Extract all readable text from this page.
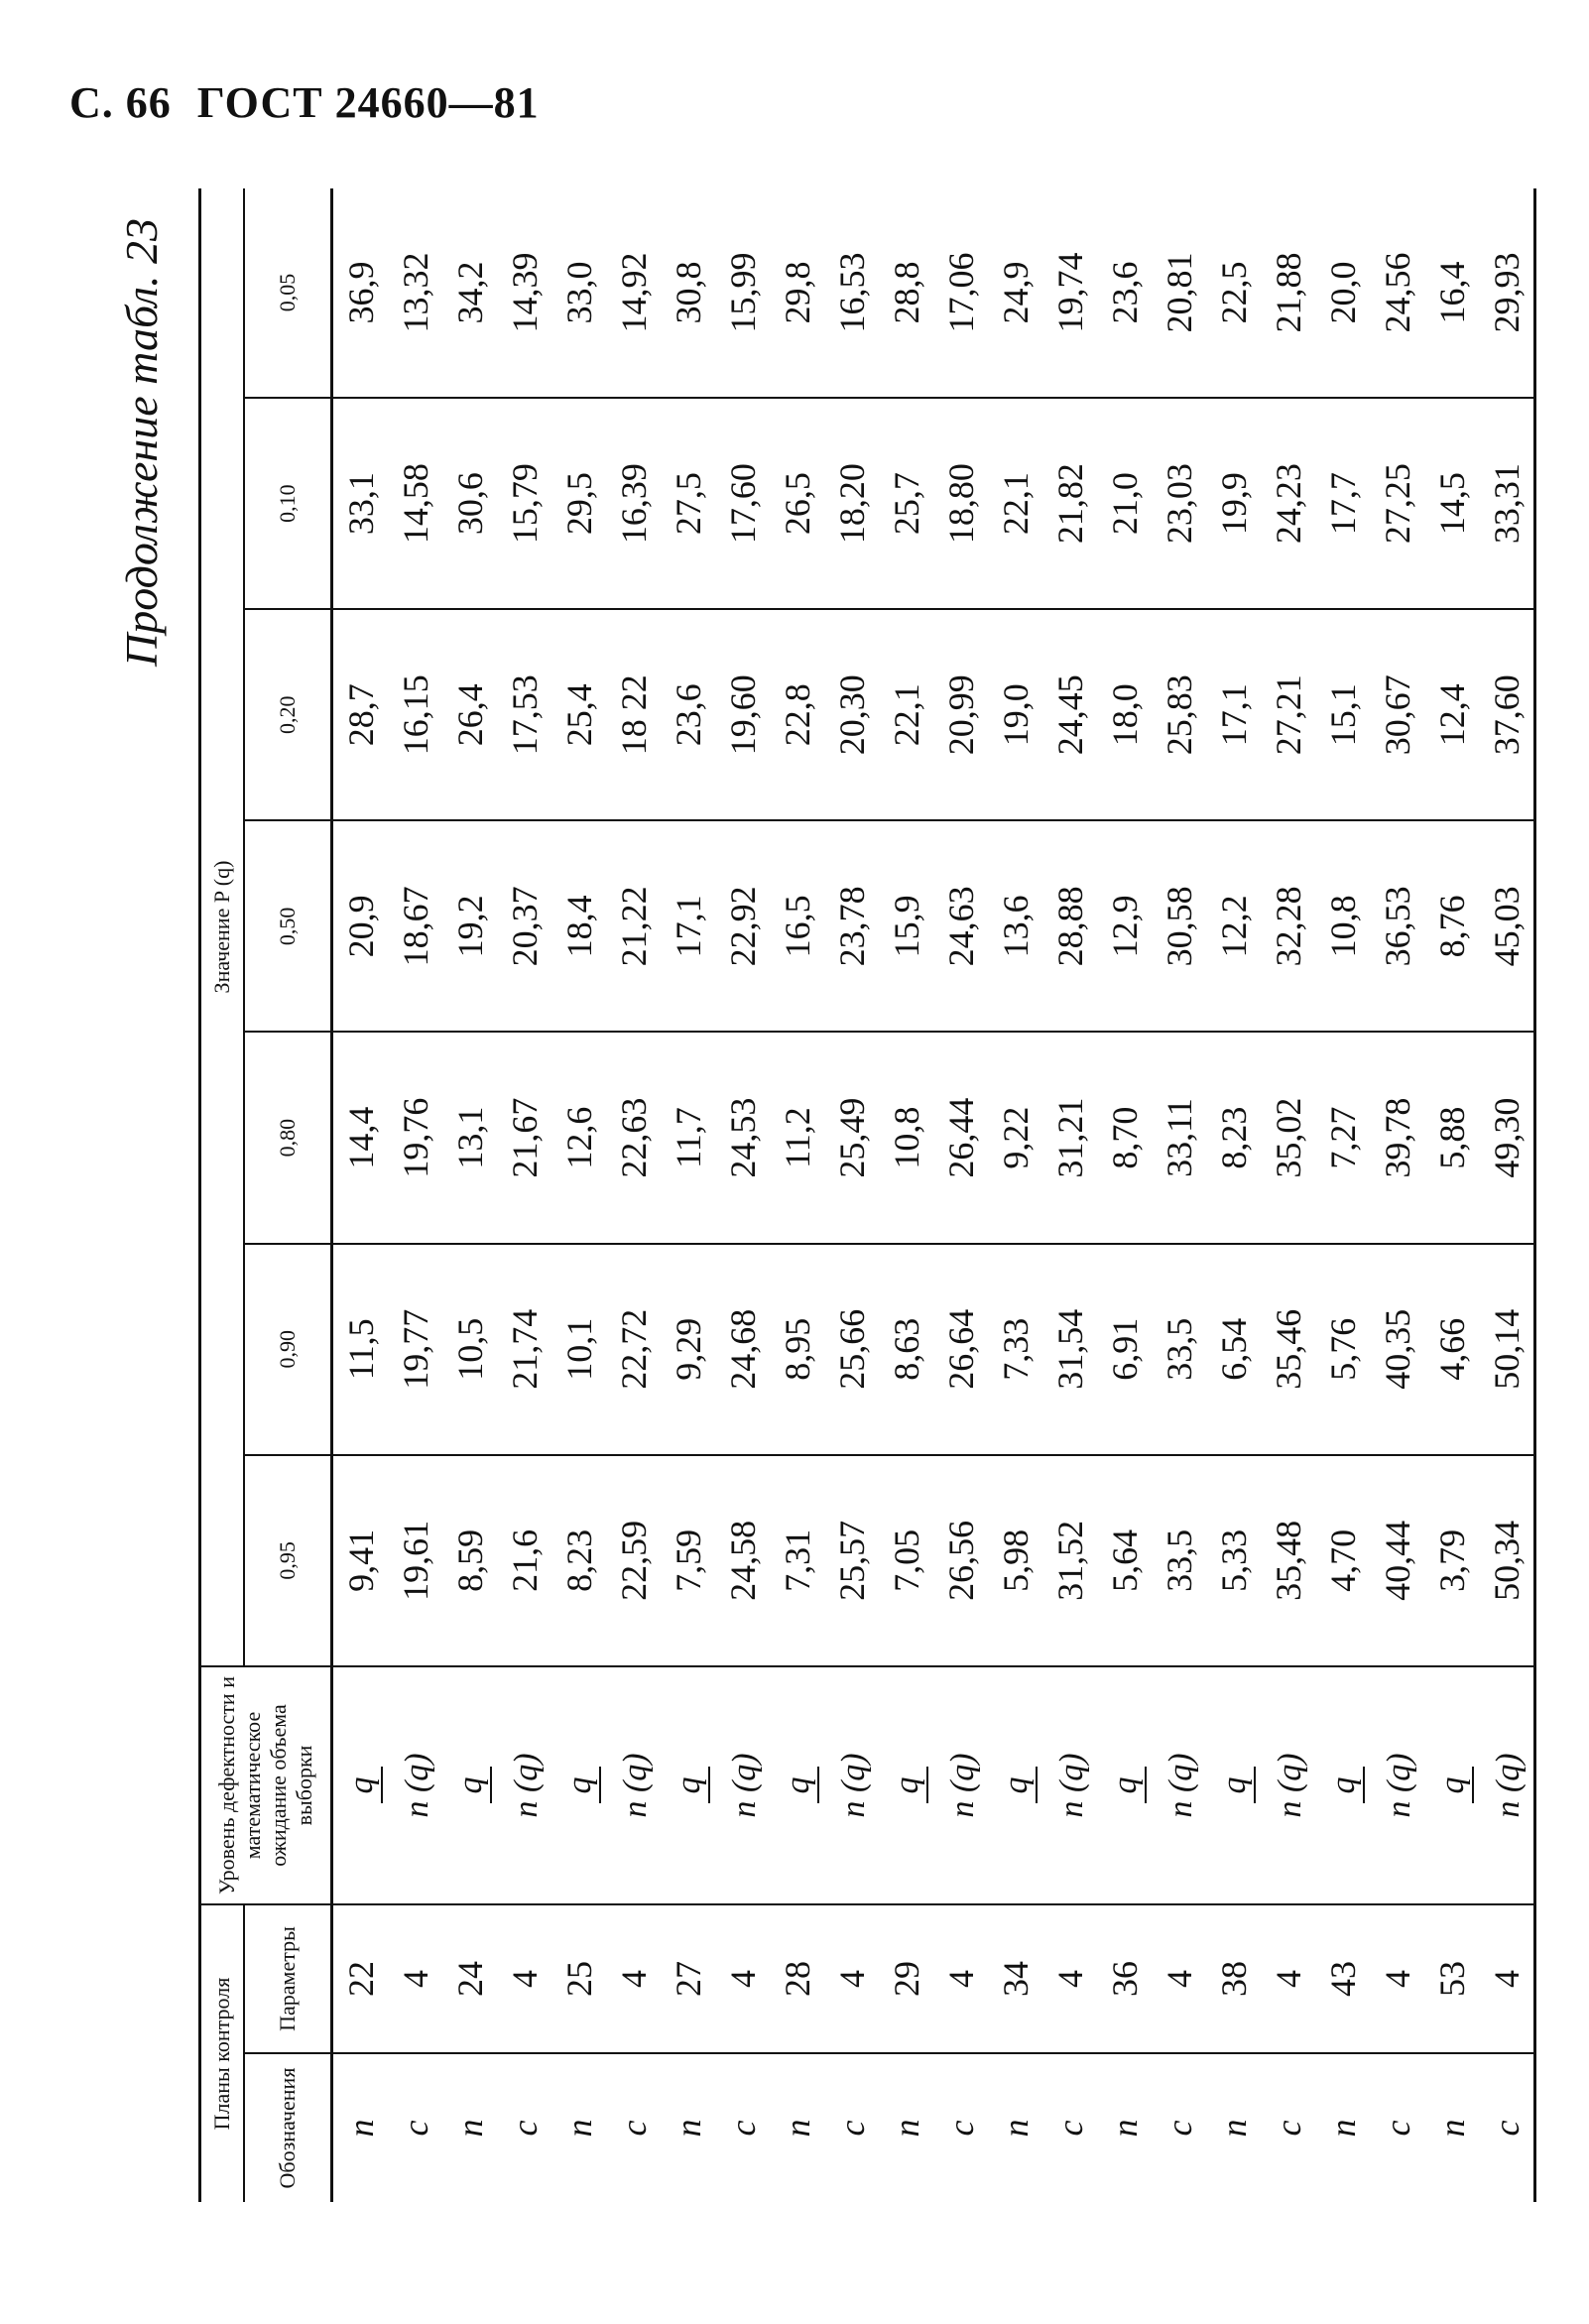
С. 66 ГОСТ 24660—81
Продолжение табл. 23
Планы контроля		Уровень дефектности и математическое ожидание объема выборки	Значение P (q)						
Обозначения	Параметры		0,95	0,90	0,80	0,50	0,20	0,10	0,05
n	22	q	9,41	11,5	14,4	20,9	28,7	33,1	36,9
c	4	n (q)	19,61	19,77	19,76	18,67	16,15	14,58	13,32
n	24	q	8,59	10,5	13,1	19,2	26,4	30,6	34,2
c	4	n (q)	21,6	21,74	21,67	20,37	17,53	15,79	14,39
n	25	q	8,23	10,1	12,6	18,4	25,4	29,5	33,0
c	4	n (q)	22,59	22,72	22,63	21,22	18 22	16,39	14,92
n	27	q	7,59	9,29	11,7	17,1	23,6	27,5	30,8
c	4	n (q)	24,58	24,68	24,53	22,92	19,60	17,60	15,99
n	28	q	7,31	8,95	11,2	16,5	22,8	26,5	29,8
c	4	n (q)	25,57	25,66	25,49	23,78	20,30	18,20	16,53
n	29	q	7,05	8,63	10,8	15,9	22,1	25,7	28,8
c	4	n (q)	26,56	26,64	26,44	24,63	20,99	18,80	17,06
n	34	q	5,98	7,33	9,22	13,6	19,0	22,1	24,9
c	4	n (q)	31,52	31,54	31,21	28,88	24,45	21,82	19,74
n	36	q	5,64	6,91	8,70	12,9	18,0	21,0	23,6
c	4	n (q)	33,5	33,5	33,11	30,58	25,83	23,03	20,81
n	38	q	5,33	6,54	8,23	12,2	17,1	19,9	22,5
c	4	n (q)	35,48	35,46	35,02	32,28	27,21	24,23	21,88
n	43	q	4,70	5,76	7,27	10,8	15,1	17,7	20,0
c	4	n (q)	40,44	40,35	39,78	36,53	30,67	27,25	24,56
n	53	q	3,79	4,66	5,88	8,76	12,4	14,5	16,4
c	4	n (q)	50,34	50,14	49,30	45,03	37,60	33,31	29,93
